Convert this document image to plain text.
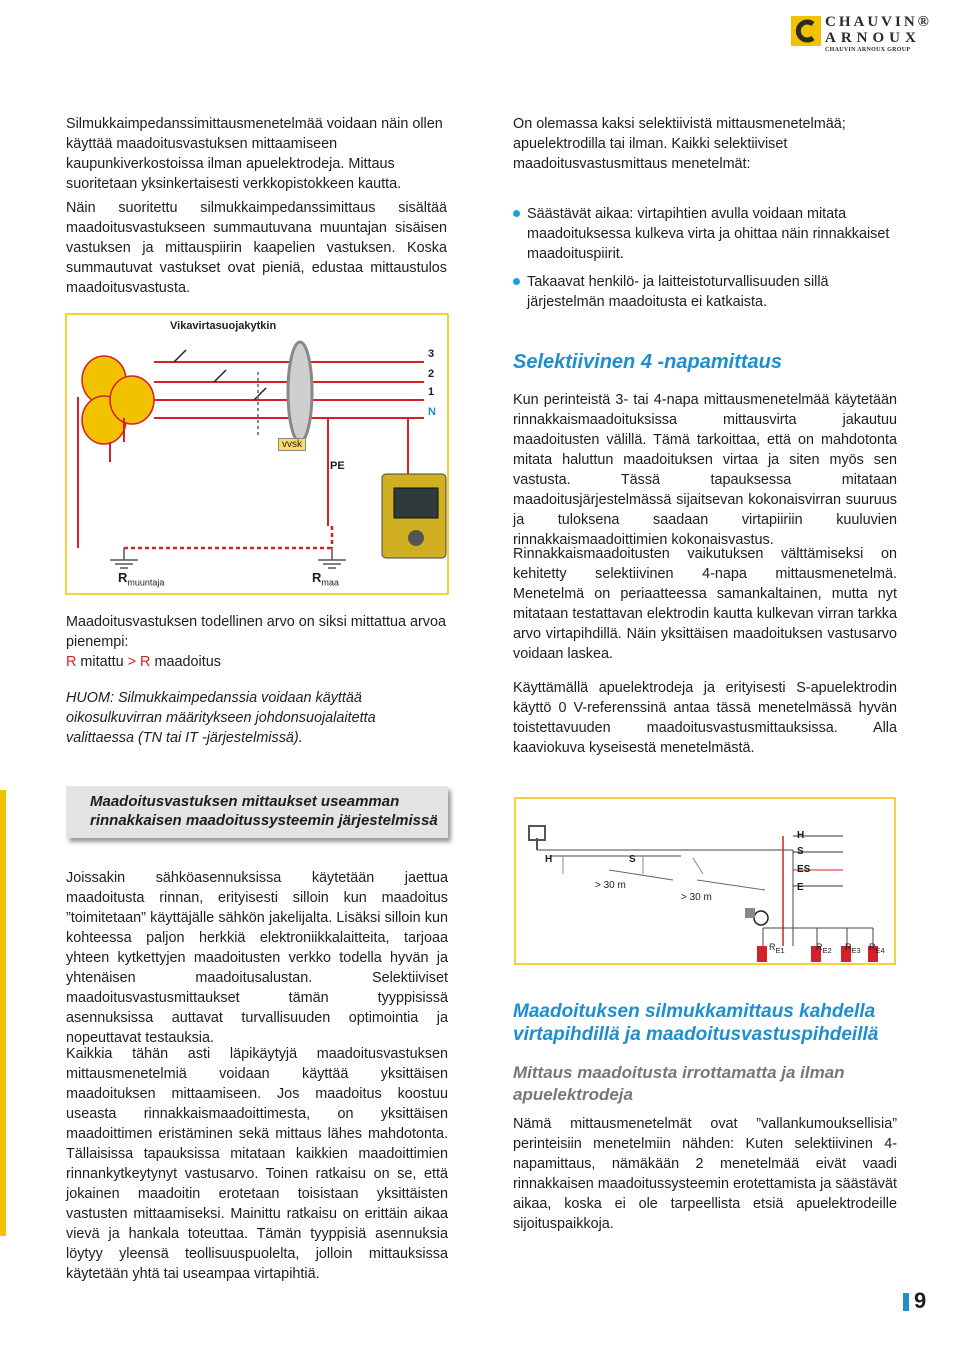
CHAUVIN®
ARNOUX
CHAUVIN ARNOUX GROUP

Silmukkaimpedanssimittausmenetelmää voidaan näin ollen käyttää maadoitusvastuksen mittaamiseen kaupunkiverkostoissa ilman apuelektrodeja. Mittaus suoritetaan yksinkertaisesti verkkopistokkeen kautta.

Näin suoritettu silmukkaimpedanssimittaus sisältää maadoitusvastukseen summautuvana muuntajan sisäisen vastuksen ja mittauspiirin kaapelien vastuksen. Koska summautuvat vastukset ovat pieniä, edustaa mittaustulos maadoitusvastusta.

Vikavirtasuojakytkin
3
2
1
N
vvsk
PE
$R_{muuntaja}$	$R_{maa}$

Maadoitusvastuksen todellinen arvo on siksi mittattua arvoa pienempi:

R mitattu > R maadoitus

HUOM: Silmukkaimpedanssia voidaan käyttää oikosulkuvirran määritykseen johdonsuojalaitetta valittaessa (TN tai IT -järjestelmissä).

On olemassa kaksi selektiivistä mittausmenetelmää; apuelektrodilla tai ilman. Kaikki selektiiviset maadoitusvastusmittaus menetelmät:

Säästävät aikaa: virtapihtien avulla voidaan mitata maadoituksessa kulkeva virta ja ohittaa näin rinnakkaiset maadoituspiirit.
Takaavat henkilö- ja laitteistoturvallisuuden sillä järjestelmän maadoitusta ei katkaista.
Selektiivinen 4 -napamittaus

Kun perinteistä 3- tai 4-napa mittausmenetelmää käytetään rinnakkaismaadoituksissa mittausvirta jakautuu maadoitusten välillä. Tämä tarkoittaa, että on mahdotonta mitata haluttun maadoituksen virtaa ja siten myös sen vastusta. Tässä tapauksessa mitataan maadoitusjärjestelmässä sijaitsevan kokonaisvirran suuruus ja tuloksena saadaan virtapiiriin kuuluvien rinnakkaismaadoittimien kokonaisvastus.

Rinnakkaismaadoitusten vaikutuksen välttämiseksi on kehitetty selektiivinen 4-napa mittausmenetelmä. Menetelmä on periaatteessa samankaltainen, mutta nyt mitataan testattavan elektrodin kautta kulkevan virran tarkka arvo virtapihdillä. Näin yksittäisen maadoituksen vastusarvo voidaan laskea.

Käyttämällä apuelektrodeja ja erityisesti S-apuelektrodin käyttö 0 V-referenssinä antaa tässä menetelmässä hyvän toistettavuuden maadoitusvastusmittauksissa. Alla kaaviokuva kyseisestä menetelmästä.

Maadoitusvastuksen mittaukset useamman rinnakkaisen maadoitussysteemin järjestelmissä

Joissakin sähköasennuksissa käytetään jaettua maadoitusta rinnan, erityisesti silloin kun maadoitus ”toimitetaan” käyttäjälle sähkön jakelijalta. Lisäksi silloin kun kohteessa paljon herkkiä elektroniikkalaitteita, tarjoaa yhteen kytkettyjen maadoitusten verkko todella hyvän ja yhtenäisen maadoitusalustan. Selektiiviset maadoitusvastusmittaukset tämän tyyppisissä asennuksissa auttavat turvallisuuden optimointia ja nopeuttavat testauksia.

Kaikkia tähän asti läpikäytyjä maadoitusvastuksen mittausmenetelmiä voidaan käyttää yksittäisen maadoituksen mittaamiseen. Jos maadoitus koostuu useasta rinnakkaismaadoittimesta, on yksittäisen maadoittimen eristäminen sekä mittaus lähes mahdotonta. Tällaisissa tapauksissa mitataan kaikkien maadoittimien rinnankytkeytynyt vastusarvo. Toinen ratkaisu on se, että jokainen maadoitin erotetaan toisistaan yksittäisten vastusten mittaamiseksi. Mainittu ratkaisu on erittäin aikaa vievä ja hankala toteuttaa. Tämän tyyppisiä asennuksia löytyy yleensä teollisuuspuolelta, jolloin mittauksissa käytetään yhtä tai useampaa virtapihtiä.

H	S
> 30 m
> 30 m
H
S
ES
E
$R_{E1}$	$R_{E2}$ $R_{E3}$ $R_{E4}$
Maadoituksen silmukkamittaus kahdella virtapihdillä ja maadoitusvastuspihdeillä
Mittaus maadoitusta irrottamatta ja ilman apuelektrodeja

Nämä mittausmenetelmät ovat ”vallankumouksellisia” perinteisiin menetelmiin nähden: Kuten selektiivinen 4-napamittaus, nämäkään 2 menetelmää eivät vaadi rinnakkaisen maadoitussysteemin erotettamista ja säästävät aikaa, koska ei ole tarpeellista etsiä apuelektrodeille sijoituspaikkoja.

9
